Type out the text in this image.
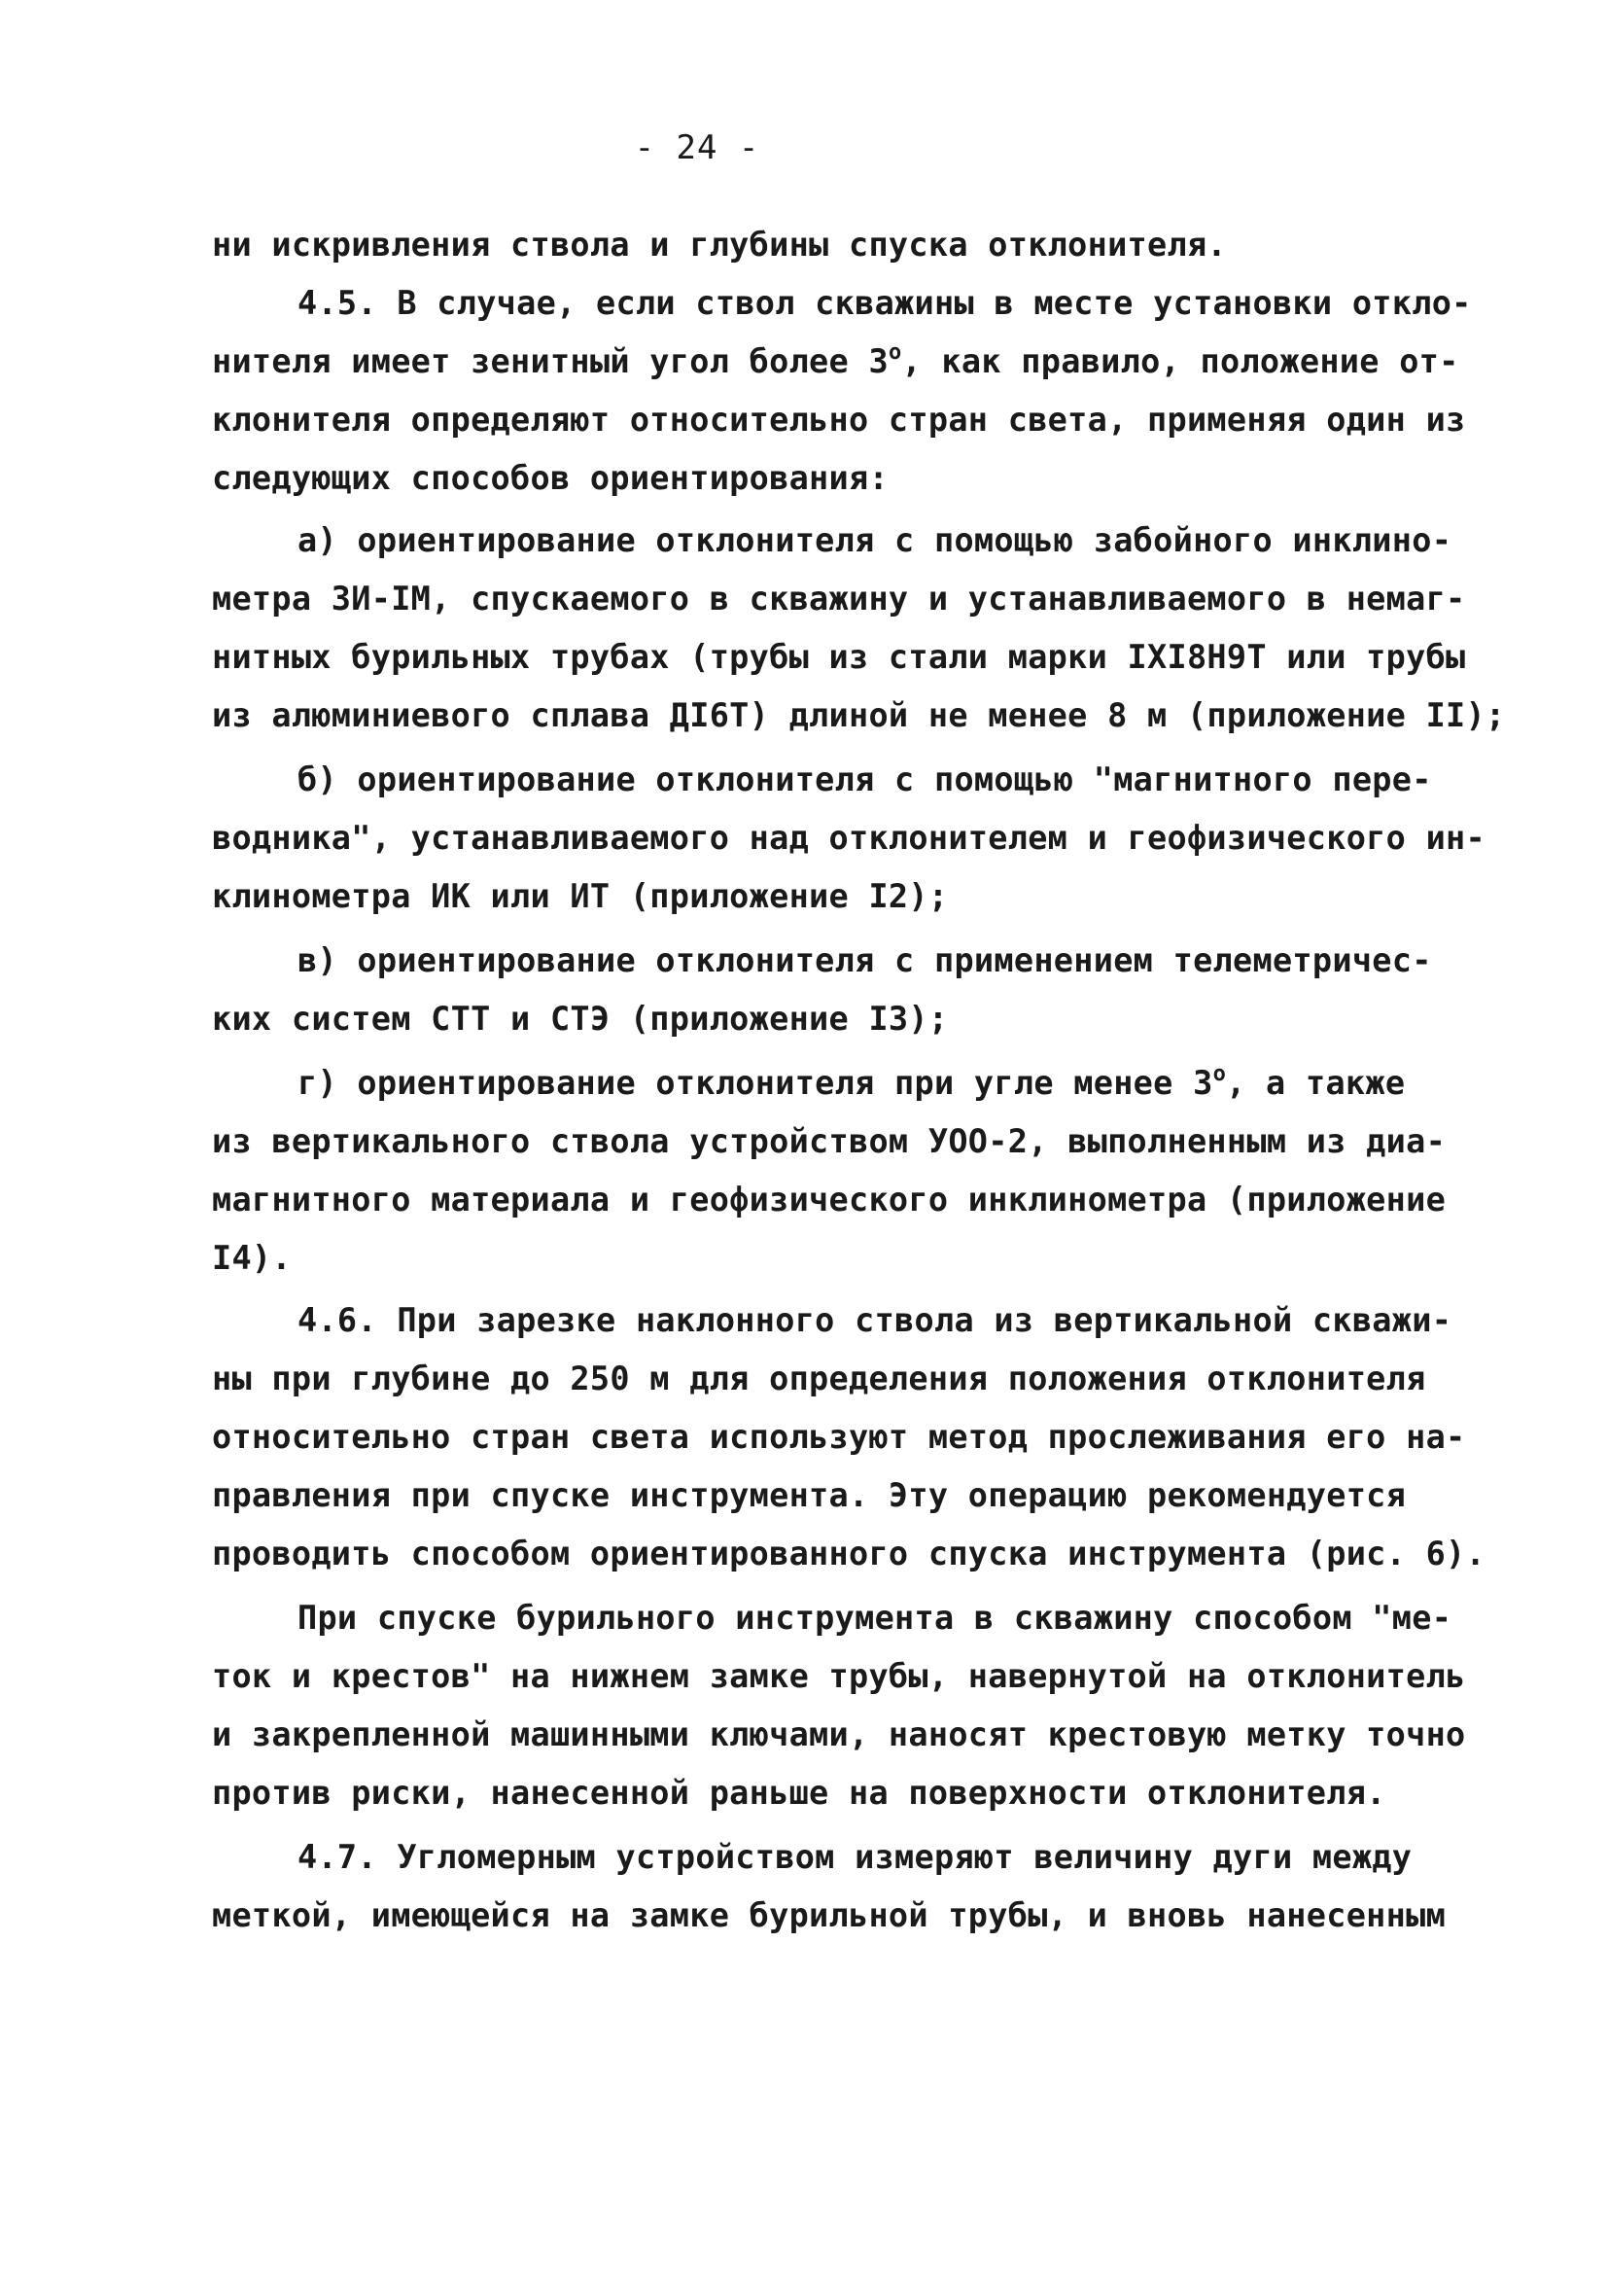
- 24 -
ни искривления ствола и глубины спуска отклонителя.
4.5. В случае, если ствол скважины в месте установки откло-
нителя имеет зенитный угол более $3^о$, как правило, положение от-
клонителя определяют относительно стран света, применяя один из
следующих способов ориентирования:
а) ориентирование отклонителя с помощью забойного инклино-
метра ЗИ-IM, спускаемого в скважину и устанавливаемого в немаг-
нитных бурильных трубах (трубы из стали марки IXI8Н9Т или трубы
из алюминиевого сплава ДI6Т) длиной не менее 8 м (приложение II);
б) ориентирование отклонителя с помощью "магнитного пере-
водника", устанавливаемого над отклонителем и геофизического ин-
клинометра ИК или ИТ (приложение I2);
в) ориентирование отклонителя с применением телеметричес-
ких систем СТТ и СТЭ (приложение I3);
г) ориентирование отклонителя при угле менее $3^о$, а также
из вертикального ствола устройством УОО-2, выполненным из диа-
магнитного материала и геофизического инклинометра (приложение
I4).
4.6. При зарезке наклонного ствола из вертикальной скважи-
ны при глубине до 250 м для определения положения отклонителя
относительно стран света используют метод прослеживания его на-
правления при спуске инструмента. Эту операцию рекомендуется
проводить способом ориентированного спуска инструмента (рис. 6).
При спуске бурильного инструмента в скважину способом "ме-
ток и крестов" на нижнем замке трубы, навернутой на отклонитель
и закрепленной машинными ключами, наносят крестовую метку точно
против риски, нанесенной раньше на поверхности отклонителя.
4.7. Угломерным устройством измеряют величину дуги между
меткой, имеющейся на замке бурильной трубы, и вновь нанесенным
